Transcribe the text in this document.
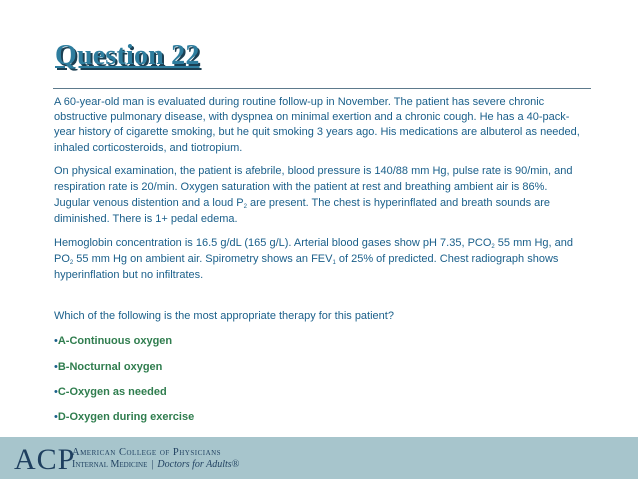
Question 22

A 60-year-old man is evaluated during routine follow-up in November. The patient has severe chronic obstructive pulmonary disease, with dyspnea on minimal exertion and a chronic cough. He has a 40-pack-year history of cigarette smoking, but he quit smoking 3 years ago. His medications are albuterol as needed, inhaled corticosteroids, and tiotropium.

On physical examination, the patient is afebrile, blood pressure is 140/88 mm Hg, pulse rate is 90/min, and respiration rate is 20/min. Oxygen saturation with the patient at rest and breathing ambient air is 86%. Jugular venous distention and a loud $P_2$ are present. The chest is hyperinflated and breath sounds are diminished. There is 1+ pedal edema.

Hemoglobin concentration is 16.5 g/dL (165 g/L). Arterial blood gases show pH 7.35, $PCO_2$ 55 mm Hg, and $PO_2$ 55 mm Hg on ambient air. Spirometry shows an $FEV_1$ of 25% of predicted. Chest radiograph shows hyperinflation but no infiltrates.

Which of the following is the most appropriate therapy for this patient?

•A-Continuous oxygen

•B-Nocturnal oxygen

•C-Oxygen as needed

•D-Oxygen during exercise

ACP
American College of Physicians
Internal Medicine | Doctors for Adults®
